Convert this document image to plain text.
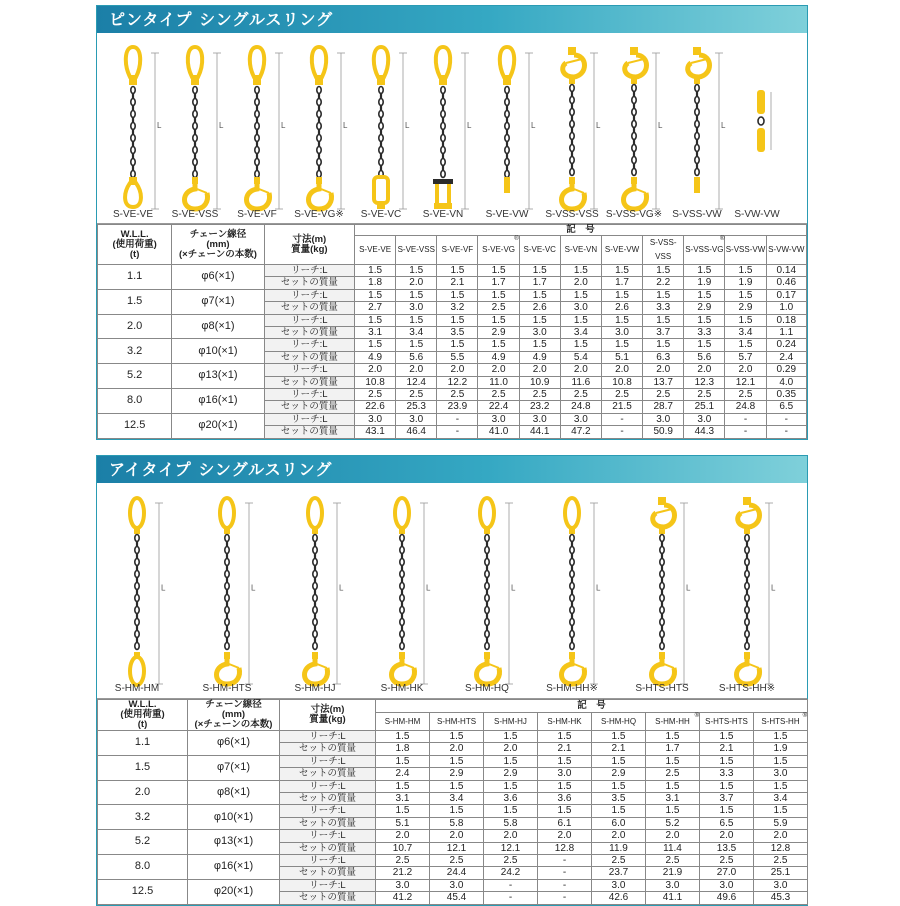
ピンタイプ シングルスリング
L
S-VE-VE
L
S-VE-VSS
L
S-VE-VF
L
S-VE-VG※
L
S-VE-VC
L
S-VE-VN
L
S-VE-VW
L
S-VSS-VSS
L
S-VSS-VG※
L
S-VSS-VW	S-VW-VW
W.L.L.
(使用荷重)
(t)	チェーン線径
(mm)
(×チェーンの本数)	寸法(m)
質量(kg)	記　号										
			S-VE-VE	S-VE-VSS	S-VE-VF	S-VE-VG ®	S-VE-VC	S-VE-VN	S-VE-VW	S-VSS-VSS	S-VSS-VG ®	S-VSS-VW	S-VW-VW
1.1	φ6(×1)	リーチ:L	1.5	1.5	1.5	1.5	1.5	1.5	1.5	1.5	1.5	1.5	0.14
		セットの質量	1.8	2.0	2.1	1.7	1.7	2.0	1.7	2.2	1.9	1.9	0.46
1.5	φ7(×1)	リーチ:L	1.5	1.5	1.5	1.5	1.5	1.5	1.5	1.5	1.5	1.5	0.17
		セットの質量	2.7	3.0	3.2	2.5	2.6	3.0	2.6	3.3	2.9	2.9	1.0
2.0	φ8(×1)	リーチ:L	1.5	1.5	1.5	1.5	1.5	1.5	1.5	1.5	1.5	1.5	0.18
		セットの質量	3.1	3.4	3.5	2.9	3.0	3.4	3.0	3.7	3.3	3.4	1.1
3.2	φ10(×1)	リーチ:L	1.5	1.5	1.5	1.5	1.5	1.5	1.5	1.5	1.5	1.5	0.24
		セットの質量	4.9	5.6	5.5	4.9	4.9	5.4	5.1	6.3	5.6	5.7	2.4
5.2	φ13(×1)	リーチ:L	2.0	2.0	2.0	2.0	2.0	2.0	2.0	2.0	2.0	2.0	0.29
		セットの質量	10.8	12.4	12.2	11.0	10.9	11.6	10.8	13.7	12.3	12.1	4.0
8.0	φ16(×1)	リーチ:L	2.5	2.5	2.5	2.5	2.5	2.5	2.5	2.5	2.5	2.5	0.35
		セットの質量	22.6	25.3	23.9	22.4	23.2	24.8	21.5	28.7	25.1	24.8	6.5
12.5	φ20(×1)	リーチ:L	3.0	3.0	-	3.0	3.0	3.0	-	3.0	3.0	-	-
		セットの質量	43.1	46.4	-	41.0	44.1	47.2	-	50.9	44.3	-	-
アイタイプ シングルスリング
L
S-HM-HM
L
S-HM-HTS
L
S-HM-HJ
L
S-HM-HK
L
S-HM-HQ
L
S-HM-HH※
L
S-HTS-HTS
L
S-HTS-HH※
W.L.L.
(使用荷重)
(t)	チェーン線径
(mm)
(×チェーンの本数)	寸法(m)
質量(kg)	記　号							
			S-HM-HM	S-HM-HTS	S-HM-HJ	S-HM-HK	S-HM-HQ	S-HM-HH ®	S-HTS-HTS	S-HTS-HH ®
1.1	φ6(×1)	リーチ:L	1.5	1.5	1.5	1.5	1.5	1.5	1.5	1.5
		セットの質量	1.8	2.0	2.0	2.1	2.1	1.7	2.1	1.9
1.5	φ7(×1)	リーチ:L	1.5	1.5	1.5	1.5	1.5	1.5	1.5	1.5
		セットの質量	2.4	2.9	2.9	3.0	2.9	2.5	3.3	3.0
2.0	φ8(×1)	リーチ:L	1.5	1.5	1.5	1.5	1.5	1.5	1.5	1.5
		セットの質量	3.1	3.4	3.6	3.6	3.5	3.1	3.7	3.4
3.2	φ10(×1)	リーチ:L	1.5	1.5	1.5	1.5	1.5	1.5	1.5	1.5
		セットの質量	5.1	5.8	5.8	6.1	6.0	5.2	6.5	5.9
5.2	φ13(×1)	リーチ:L	2.0	2.0	2.0	2.0	2.0	2.0	2.0	2.0
		セットの質量	10.7	12.1	12.1	12.8	11.9	11.4	13.5	12.8
8.0	φ16(×1)	リーチ:L	2.5	2.5	2.5	-	2.5	2.5	2.5	2.5
		セットの質量	21.2	24.4	24.2	-	23.7	21.9	27.0	25.1
12.5	φ20(×1)	リーチ:L	3.0	3.0	-	-	3.0	3.0	3.0	3.0
		セットの質量	41.2	45.4	-	-	42.6	41.1	49.6	45.3
